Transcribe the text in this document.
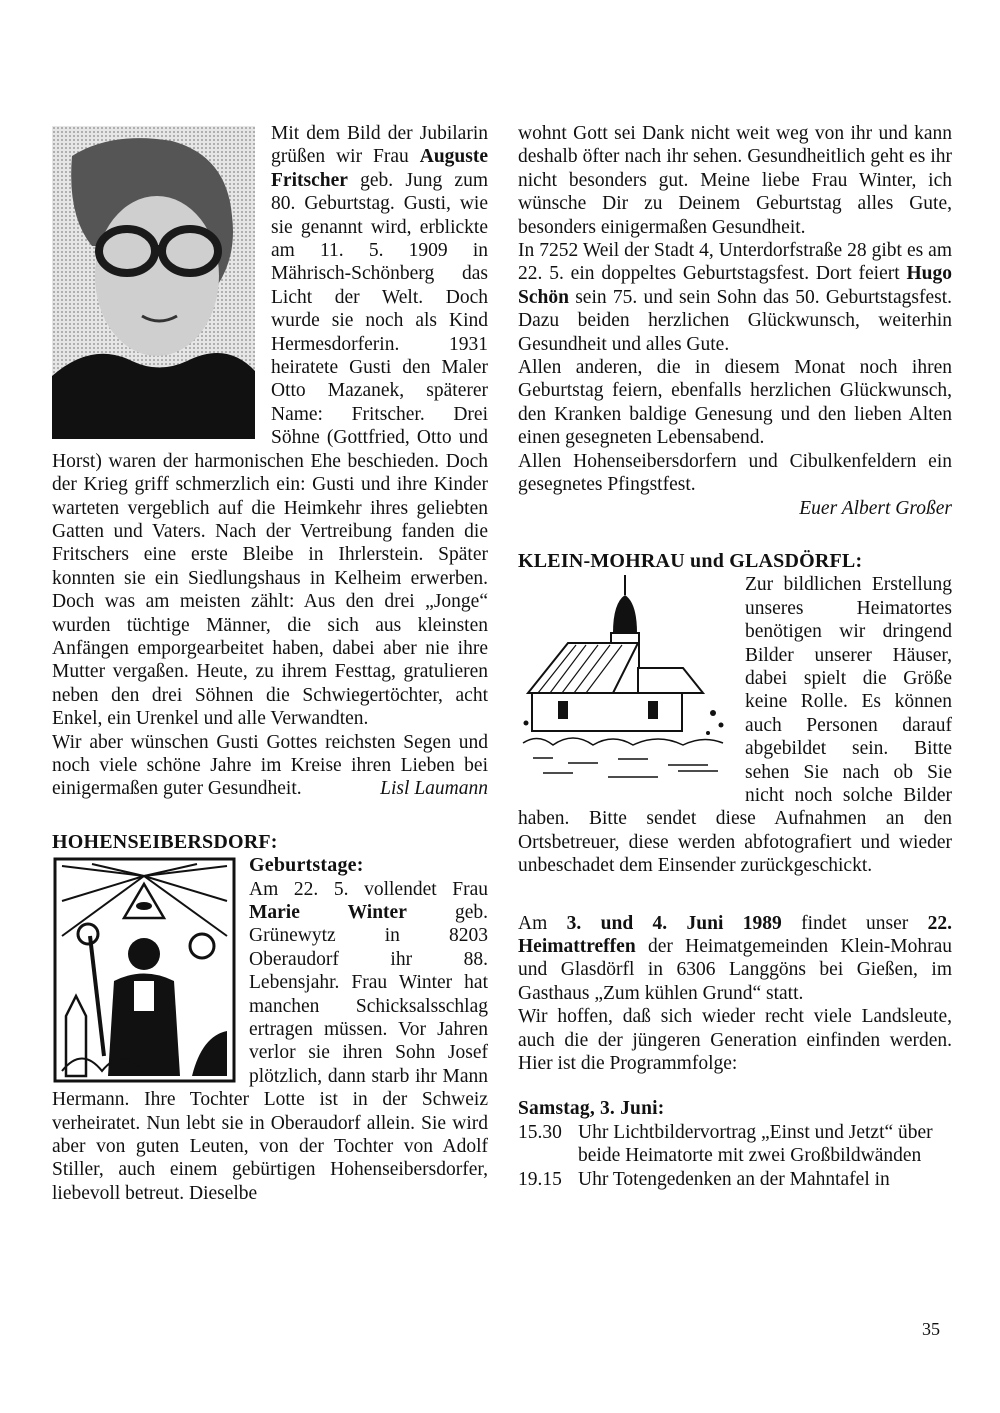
Mit dem Bild der Jubilarin grüßen wir Frau Auguste Fritscher geb. Jung zum 80. Geburtstag. Gusti, wie sie genannt wird, erblickte am 11. 5. 1909 in Mährisch-Schönberg das Licht der Welt. Doch wurde sie noch als Kind Hermesdorferin. 1931 heiratete Gusti den Maler Otto Mazanek, späterer Name: Fritscher. Drei Söhne (Gottfried, Otto und Horst) waren der harmonischen Ehe beschieden. Doch der Krieg griff schmerzlich ein: Gusti und ihre Kinder warteten vergeblich auf die Heimkehr ihres geliebten Gatten und Vaters. Nach der Vertreibung fanden die Fritschers eine erste Bleibe in Ihrlerstein. Später konnten sie ein Siedlungshaus in Kelheim erwerben. Doch was am meisten zählt: Aus den drei „Jonge“ wurden tüchtige Männer, die sich aus kleinsten Anfängen emporgearbeitet haben, dabei aber nie ihre Mutter vergaßen. Heute, zu ihrem Festtag, gratulieren neben den drei Söhnen die Schwiegertöchter, acht Enkel, ein Urenkel und alle Verwandten.

Wir aber wünschen Gusti Gottes reichsten Segen und noch viele schöne Jahre im Kreise ihren Lieben bei einigermaßen guter Gesundheit.	Lisl Laumann

HOHENSEIBERSDORF:

Geburtstage:

Am 22. 5. vollendet Frau Marie Winter geb. Grünewytz in 8203 Oberaudorf ihr 88. Lebensjahr. Frau Winter hat manchen Schicksalsschlag ertragen müssen. Vor Jahren verlor sie ihren Sohn Josef plötzlich, dann starb ihr Mann Hermann. Ihre Tochter Lotte ist in der Schweiz verheiratet. Nun lebt sie in Oberaudorf allein. Sie wird aber von guten Leuten, von der Tochter von Adolf Stiller, auch einem gebürtigen Hohenseibersdorfer, liebevoll betreut. Dieselbe

wohnt Gott sei Dank nicht weit weg von ihr und kann deshalb öfter nach ihr sehen. Gesundheitlich geht es ihr nicht besonders gut. Meine liebe Frau Winter, ich wünsche Dir zu Deinem Geburtstag alles Gute, besonders einigermaßen Gesundheit.

In 7252 Weil der Stadt 4, Unterdorfstraße 28 gibt es am 22. 5. ein doppeltes Geburtstagsfest. Dort feiert Hugo Schön sein 75. und sein Sohn das 50. Geburtstagsfest. Dazu beiden herzlichen Glückwunsch, weiterhin Gesundheit und alles Gute.

Allen anderen, die in diesem Monat noch ihren Geburtstag feiern, ebenfalls herzlichen Glückwunsch, den Kranken baldige Genesung und den lieben Alten einen gesegneten Lebensabend.

Allen Hohenseibersdorfern und Cibulkenfeldern ein gesegnetes Pfingstfest.

Euer Albert Großer

KLEIN-MOHRAU und GLASDÖRFL:

Zur bildlichen Erstellung unseres Heimatortes benötigen wir dringend Bilder unserer Häuser, dabei spielt die Größe keine Rolle. Es können auch Personen darauf abgebildet sein. Bitte sehen Sie nach ob Sie nicht noch solche Bilder haben. Bitte sendet diese Aufnahmen an den Ortsbetreuer, diese werden abfotografiert und wieder unbeschadet dem Einsender zurückgeschickt.

Am 3. und 4. Juni 1989 findet unser 22. Heimattreffen der Heimatgemeinden Klein-Mohrau und Glasdörfl in 6306 Langgöns bei Gießen, im Gasthaus „Zum kühlen Grund“ statt.

Wir hoffen, daß sich wieder recht viele Landsleute, auch die der jüngeren Generation einfinden werden. Hier ist die Programmfolge:

Samstag, 3. Juni:

15.30 Uhr Lichtbildervortrag „Einst und Jetzt“ über beide Heimatorte mit zwei Großbildwänden
19.15 Uhr Totengedenken an der Mahntafel in
35
